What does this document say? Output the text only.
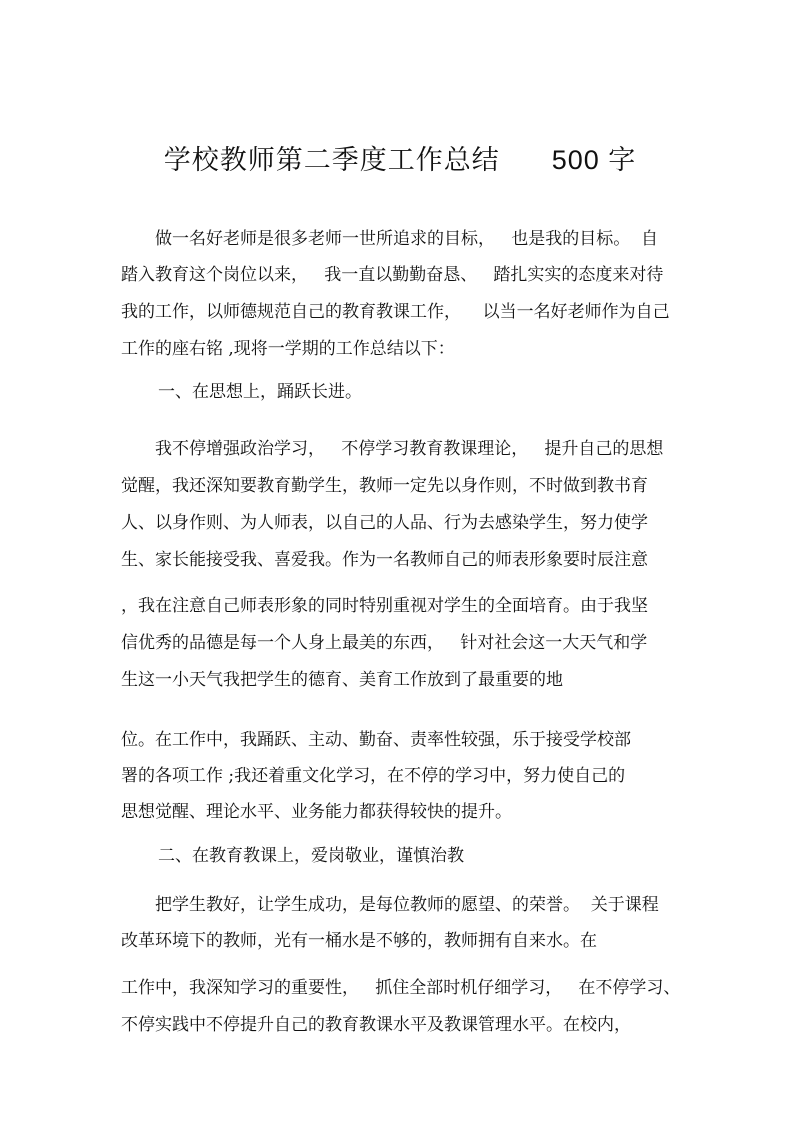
学校教师第二季度工作总结 500 字
做一名好老师是很多老师一世所追求的目标，   也是我的目标。  自
踏入教育这个岗位以来，   我一直以勤勤奋恳、   踏扎实实的态度来对待
我的工作，以师德规范自己的教育教课工作，    以当一名好老师作为自己
工作的座右铭 ,现将一学期的工作总结以下：
一、在思想上，踊跃长进。
我不停增强政治学习，   不停学习教育教课理论，   提升自己的思想
觉醒，我还深知要教育勤学生，教师一定先以身作则，不时做到教书育
人、以身作则、为人师表，以自己的人品、行为去感染学生，努力使学
生、家长能接受我、喜爱我。作为一名教师自己的师表形象要时辰注意
，我在注意自己师表形象的同时特别重视对学生的全面培育。由于我坚
信优秀的品德是每一个人身上最美的东西，   针对社会这一大天气和学
生这一小天气我把学生的德育、美育工作放到了最重要的地
位。在工作中，我踊跃、主动、勤奋、责率性较强，乐于接受学校部
署的各项工作 ;我还着重文化学习，在不停的学习中，努力使自己的
思想觉醒、理论水平、业务能力都获得较快的提升。
二、在教育教课上，爱岗敬业，谨慎治教
把学生教好，让学生成功，是每位教师的愿望、的荣誉。  关于课程
改革环境下的教师，光有一桶水是不够的，教师拥有自来水。在
工作中，我深知学习的重要性，   抓住全部时机仔细学习，   在不停学习、
不停实践中不停提升自己的教育教课水平及教课管理水平。在校内，
